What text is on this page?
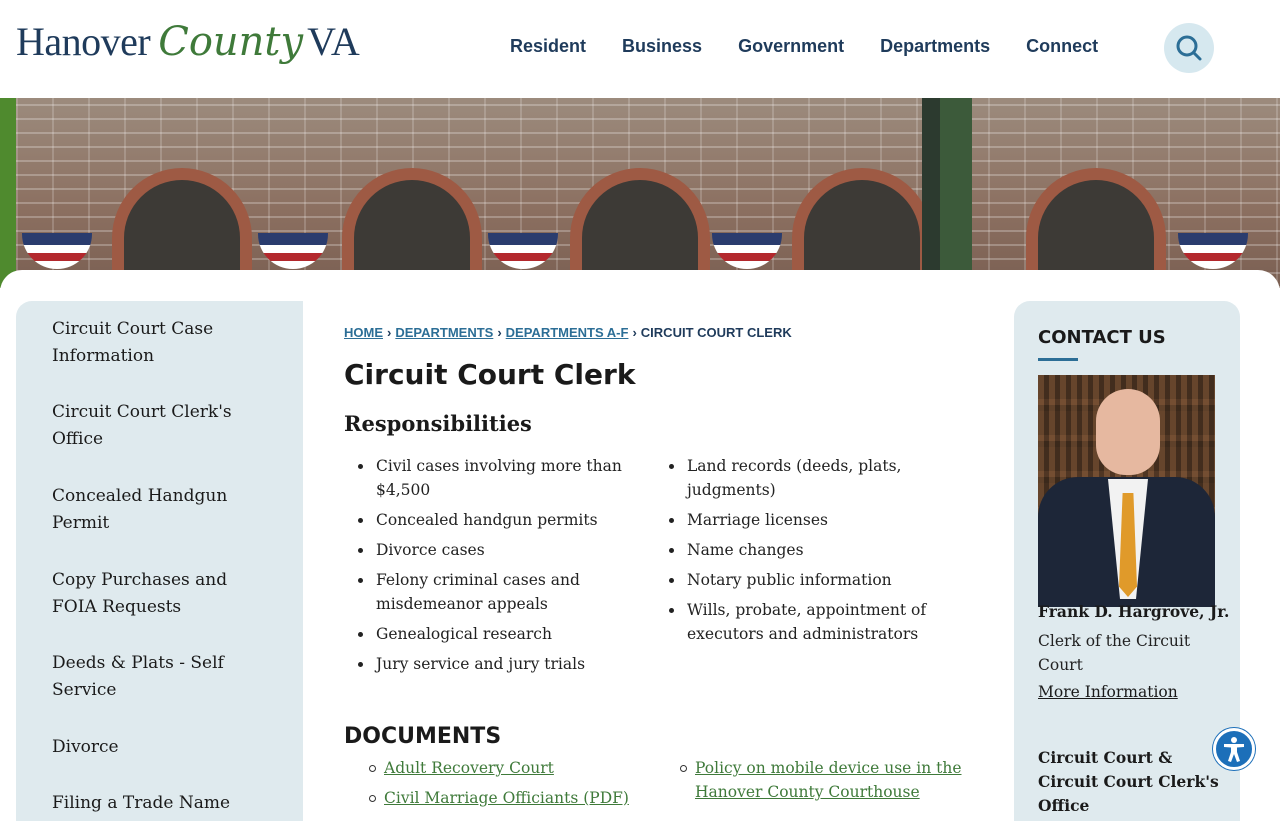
Hanover County VA	Resident Business Government Departments Connect
Circuit Court Case Information
Circuit Court Clerk's Office
Concealed Handgun Permit
Copy Purchases and FOIA Requests
Deeds & Plats - Self Service
Divorce
Filing a Trade Name
HOME › DEPARTMENTS › DEPARTMENTS A-F › CIRCUIT COURT CLERK
Circuit Court Clerk
Responsibilities
Civil cases involving more than $4,500
Concealed handgun permits
Divorce cases
Felony criminal cases and misdemeanor appeals
Genealogical research
Jury service and jury trials
Land records (deeds, plats, judgments)
Marriage licenses
Name changes
Notary public information
Wills, probate, appointment of executors and administrators
DOCUMENTS
Adult Recovery Court
Civil Marriage Officiants (PDF)
Policy on mobile device use in the Hanover County Courthouse
CONTACT US
Frank D. Hargrove, Jr.
Clerk of the Circuit Court
More Information
Circuit Court & Circuit Court Clerk's Office
